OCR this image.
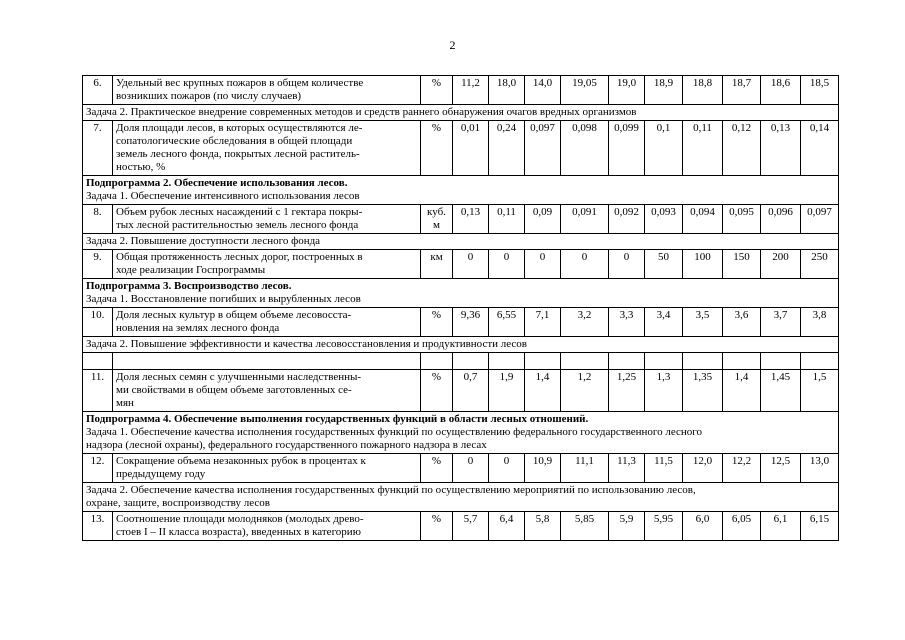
2
6.	Удельный вес крупных пожаров в общем количестве
возникших пожаров (по числу случаев)	%	11,2	18,0	14,0	19,05	19,0	18,9	18,8	18,7	18,6	18,5
Задача 2. Практическое внедрение современных методов и средств раннего обнаружения очагов вредных организмов												
7.	Доля площади лесов, в которых осуществляются ле-
сопатологические обследования в общей площади
земель лесного фонда, покрытых лесной раститель-
ностью, %	%	0,01	0,24	0,097	0,098	0,099	0,1	0,11	0,12	0,13	0,14

Подпрограмма 2. Обеспечение использования лесов.
Задача 1. Обеспечение интенсивного использования лесов												

8.	Объем рубок лесных насаждений с 1 гектара покры-
тых лесной растительностью земель лесного фонда	куб.
м	0,13	0,11	0,09	0,091	0,092	0,093	0,094	0,095	0,096	0,097
Задача 2. Повышение доступности лесного фонда												
9.	Общая протяженность лесных дорог, построенных в
ходе реализации Госпрограммы	км	0	0	0	0	0	50	100	150	200	250

Подпрограмма 3. Воспроизводство лесов.
Задача 1. Восстановление погибших и вырубленных лесов												

10.	Доля лесных культур в общем объеме лесовосста-
новления на землях лесного фонда	%	9,36	6,55	7,1	3,2	3,3	3,4	3,5	3,6	3,7	3,8
Задача 2. Повышение эффективности и качества лесовосстановления и продуктивности лесов												

11.	Доля лесных семян с улучшенными наследственны-
ми свойствами в общем объеме заготовленных се-
мян	%	0,7	1,9	1,4	1,2	1,25	1,3	1,35	1,4	1,45	1,5

Подпрограмма 4. Обеспечение выполнения государственных функций в области лесных отношений.
Задача 1. Обеспечение качества исполнения государственных функций по осуществлению федерального государственного лесного
надзора (лесной охраны), федерального государственного пожарного надзора в лесах												

12.	Сокращение объема незаконных рубок в процентах к
предыдущему году	%	0	0	10,9	11,1	11,3	11,5	12,0	12,2	12,5	13,0

Задача 2. Обеспечение качества исполнения государственных функций по осуществлению мероприятий по использованию лесов,
охране, защите, воспроизводству лесов												

13.	Соотношение площади молодняков (молодых древо-
стоев I – II класса возраста), введенных в категорию	%	5,7	6,4	5,8	5,85	5,9	5,95	6,0	6,05	6,1	6,15
